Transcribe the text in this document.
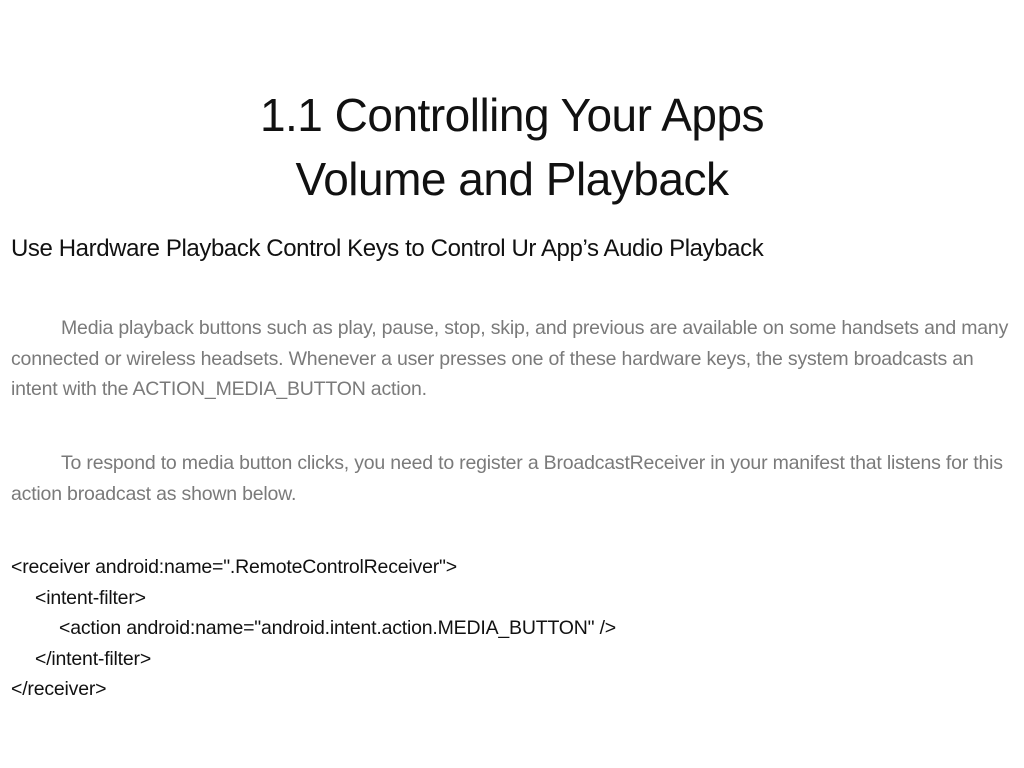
1.1 Controlling Your Apps
Volume and Playback
Use Hardware Playback Control Keys to Control Ur App’s Audio Playback
Media playback buttons such as play, pause, stop, skip, and previous are available on some handsets and many connected or wireless headsets. Whenever a user presses one of these hardware keys, the system broadcasts an intent with the ACTION_MEDIA_BUTTON action.
To respond to media button clicks, you need to register a BroadcastReceiver in your manifest that listens for this action broadcast as shown below.
<receiver android:name=".RemoteControlReceiver">
<intent-filter>
<action android:name="android.intent.action.MEDIA_BUTTON" />
</intent-filter>
</receiver>
